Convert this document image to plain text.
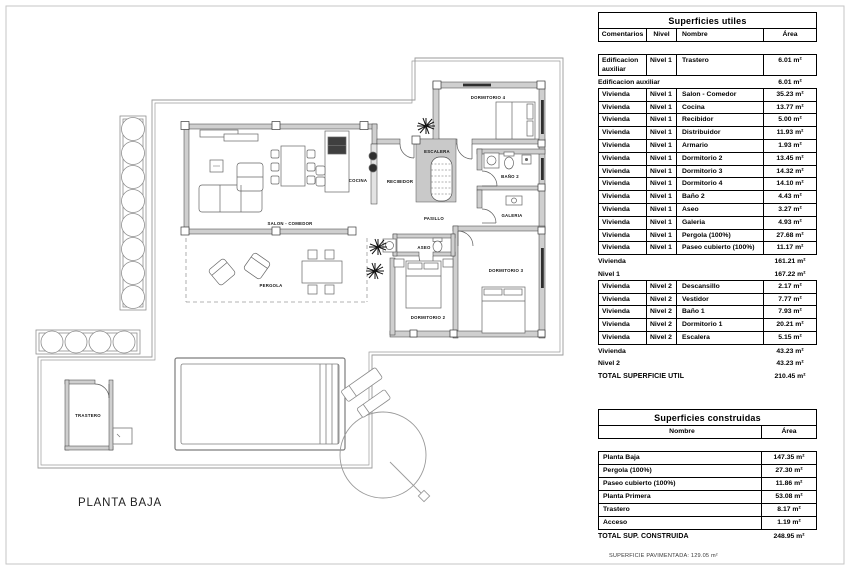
SALON - COMEDOR
COCINA	RECIBIDOR
ESCALERA
PASILLO
BAÑO 2
GALERIA
ASEO
DORMITORIO 4
DORMITORIO 3
DORMITORIO 2
PERGOLA
TRASTERO
PLANTA BAJA
Superficies utiles
Comentarios	Nivel	Nombre	Área
Edificacion auxiliar
Nivel 1	Trastero	6.01 m²
Edificacion auxiliar	6.01 m²
Vivienda	Nivel 1	Salon - Comedor	35.23 m²
Vivienda	Nivel 1	Cocina	13.77 m²
Vivienda	Nivel 1	Recibidor	5.00 m²
Vivienda	Nivel 1	Distribuidor	11.93 m²
Vivienda	Nivel 1	Armario	1.93 m²
Vivienda	Nivel 1	Dormitorio 2	13.45 m²
Vivienda	Nivel 1	Dormitorio 3	14.32 m²
Vivienda	Nivel 1	Dormitorio 4	14.10 m²
Vivienda	Nivel 1	Baño 2	4.43 m²
Vivienda	Nivel 1	Aseo	3.27 m²
Vivienda	Nivel 1	Galeria	4.93 m²
Vivienda	Nivel 1	Pergola (100%)	27.68 m²
Vivienda	Nivel 1	Paseo cubierto (100%)	11.17 m²
Vivienda	161.21 m²
Nivel 1	167.22 m²
Vivienda	Nivel 2	Descansillo	2.17 m²
Vivienda	Nivel 2	Vestidor	7.77 m²
Vivienda	Nivel 2	Baño 1	7.93 m²
Vivienda	Nivel 2	Dormitorio 1	20.21 m²
Vivienda	Nivel 2	Escalera	5.15 m²
Vivienda	43.23 m²
Nivel 2	43.23 m²
TOTAL SUPERFICIE UTIL	210.45 m²
Superficies construidas
Nombre	Área
Planta Baja	147.35 m²
Pergola (100%)	27.30 m²
Paseo cubierto (100%)	11.86 m²
Planta Primera	53.08 m²
Trastero	8.17 m²
Acceso	1.19 m²
TOTAL SUP. CONSTRUIDA	248.95 m²
SUPERFICIE PAVIMENTADA: 129.05 m²
